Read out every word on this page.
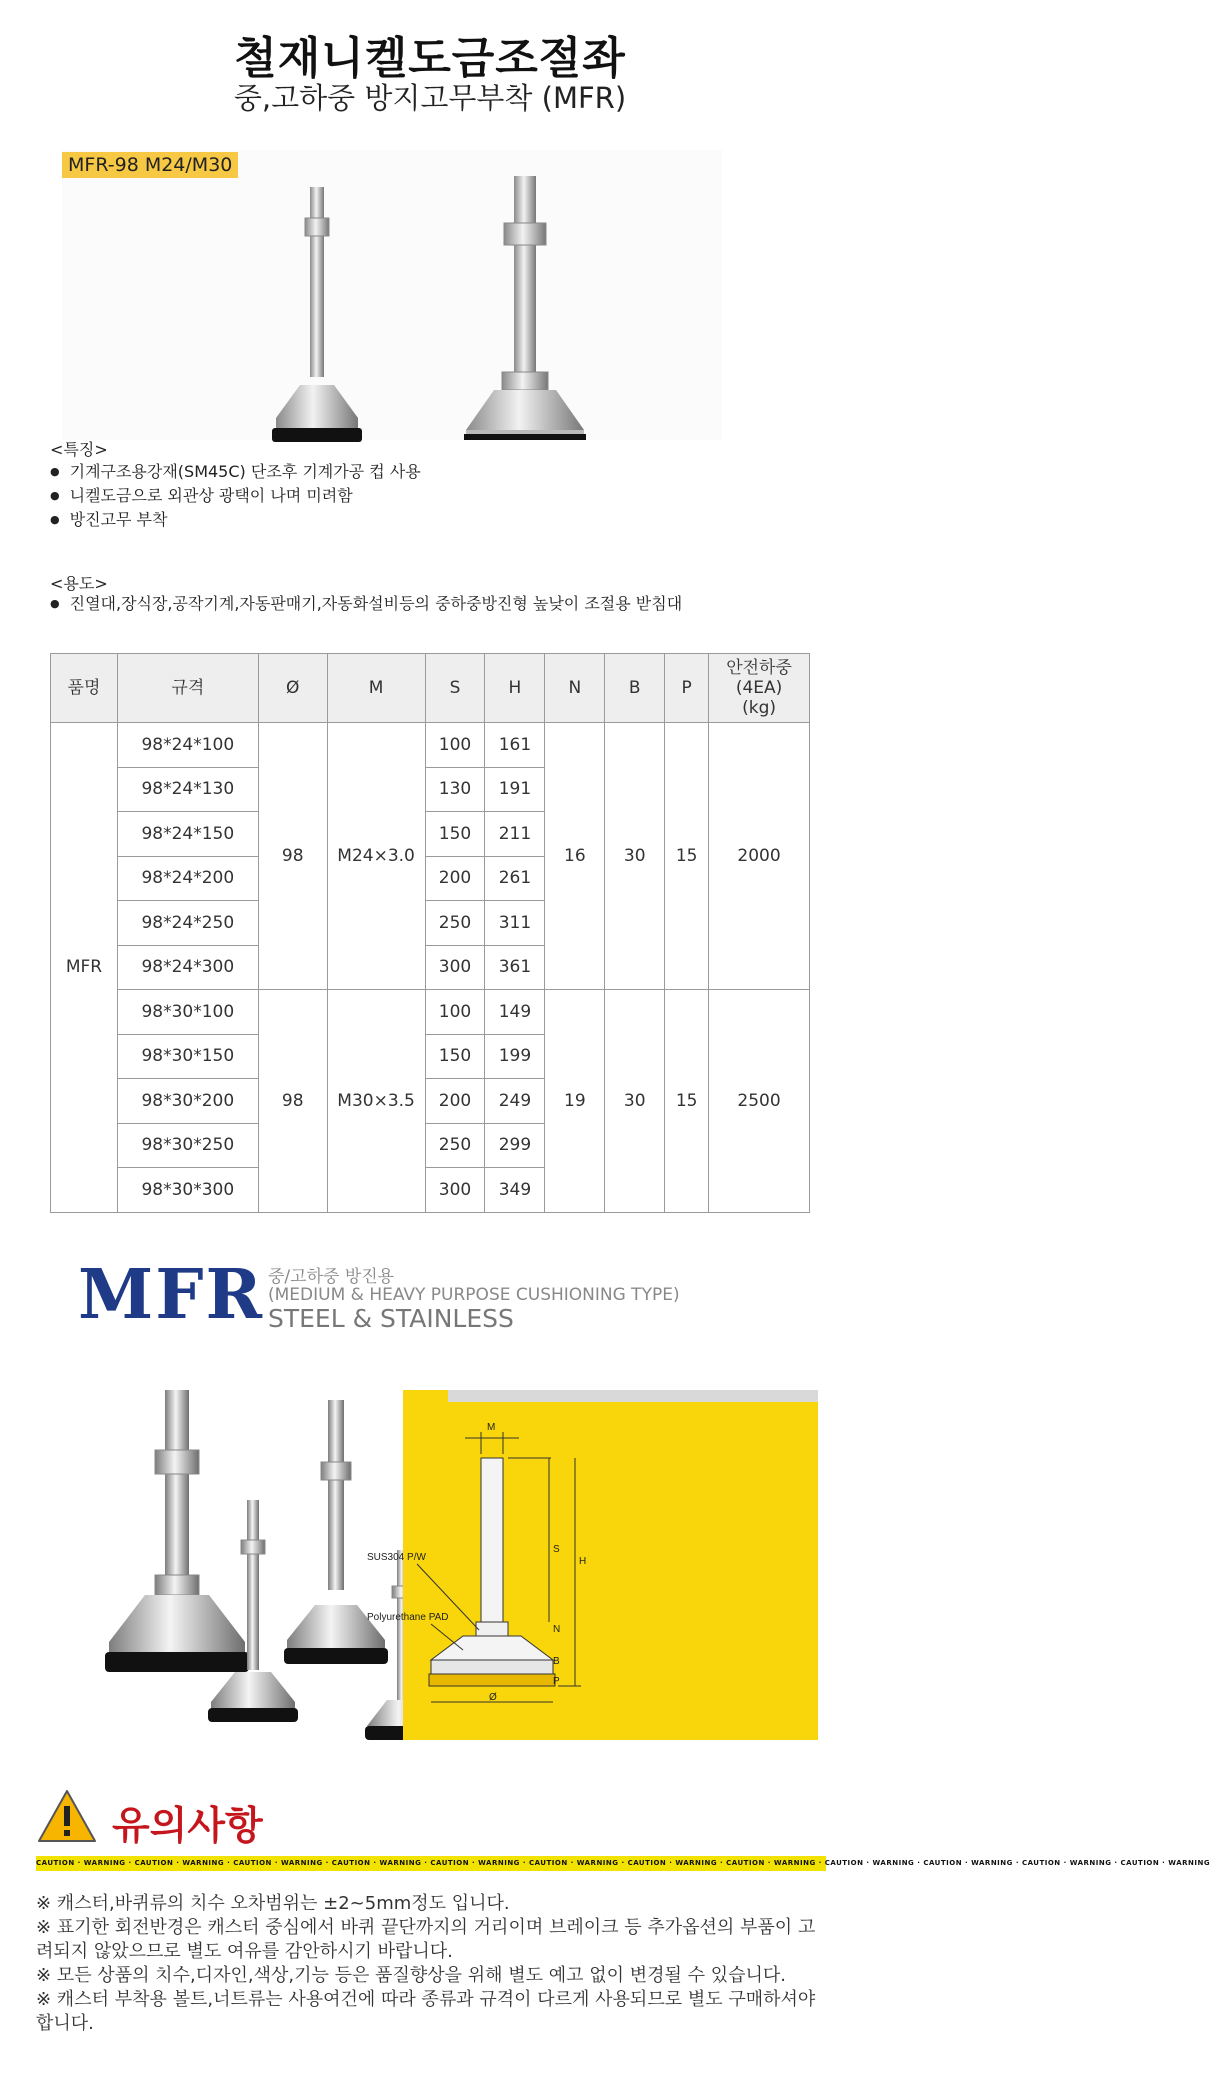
철재니켈도금조절좌
중,고하중 방지고무부착 (MFR)
MFR-98 M24/M30
<특징>
● 기계구조용강재(SM45C) 단조후 기계가공 컵 사용
● 니켈도금으로 외관상 광택이 나며 미려함
● 방진고무 부착
<용도>
● 진열대,장식장,공작기계,자동판매기,자동화설비등의 중하중방진형 높낮이 조절용 받침대
품명	규격	Ø	M	S	H	N	B	P	안전하중
(4EA)
(kg)
MFR	98*24*100	98	M24×3.0	100	161	16	30	15	2000
	98*24*130			130	191				
	98*24*150			150	211				
	98*24*200			200	261				
	98*24*250			250	311				
	98*24*300			300	361				
	98*30*100	98	M30×3.5	100	149	19	30	15	2500
	98*30*150			150	199				
	98*30*200			200	249				
	98*30*250			250	299				
	98*30*300			300	349				
MFR 중/고하중 방진용
(MEDIUM & HEAVY PURPOSE CUSHIONING TYPE)
STEEL & STAINLESS
M
S
H
N
B
P
Ø
SUS304 P/W
Polyurethane PAD
유의사항
CAUTION · WARNING · CAUTION · WARNING · CAUTION · WARNING · CAUTION · WARNING · CAUTION · WARNING · CAUTION · WARNING · CAUTION · WARNING · CAUTION · WARNING · CAUTION · WARNING · CAUTION · WARNING · CAUTION · WARNING · CAUTION · WARNING
※ 캐스터,바퀴류의 치수 오차범위는 ±2~5mm정도 입니다.
※ 표기한 회전반경은 캐스터 중심에서 바퀴 끝단까지의 거리이며 브레이크 등 추가옵션의 부품이 고려되지 않았으므로 별도 여유를 감안하시기 바랍니다.
※ 모든 상품의 치수,디자인,색상,기능 등은 품질향상을 위해 별도 예고 없이 변경될 수 있습니다.
※ 캐스터 부착용 볼트,너트류는 사용여건에 따라 종류과 규격이 다르게 사용되므로 별도 구매하셔야 합니다.
